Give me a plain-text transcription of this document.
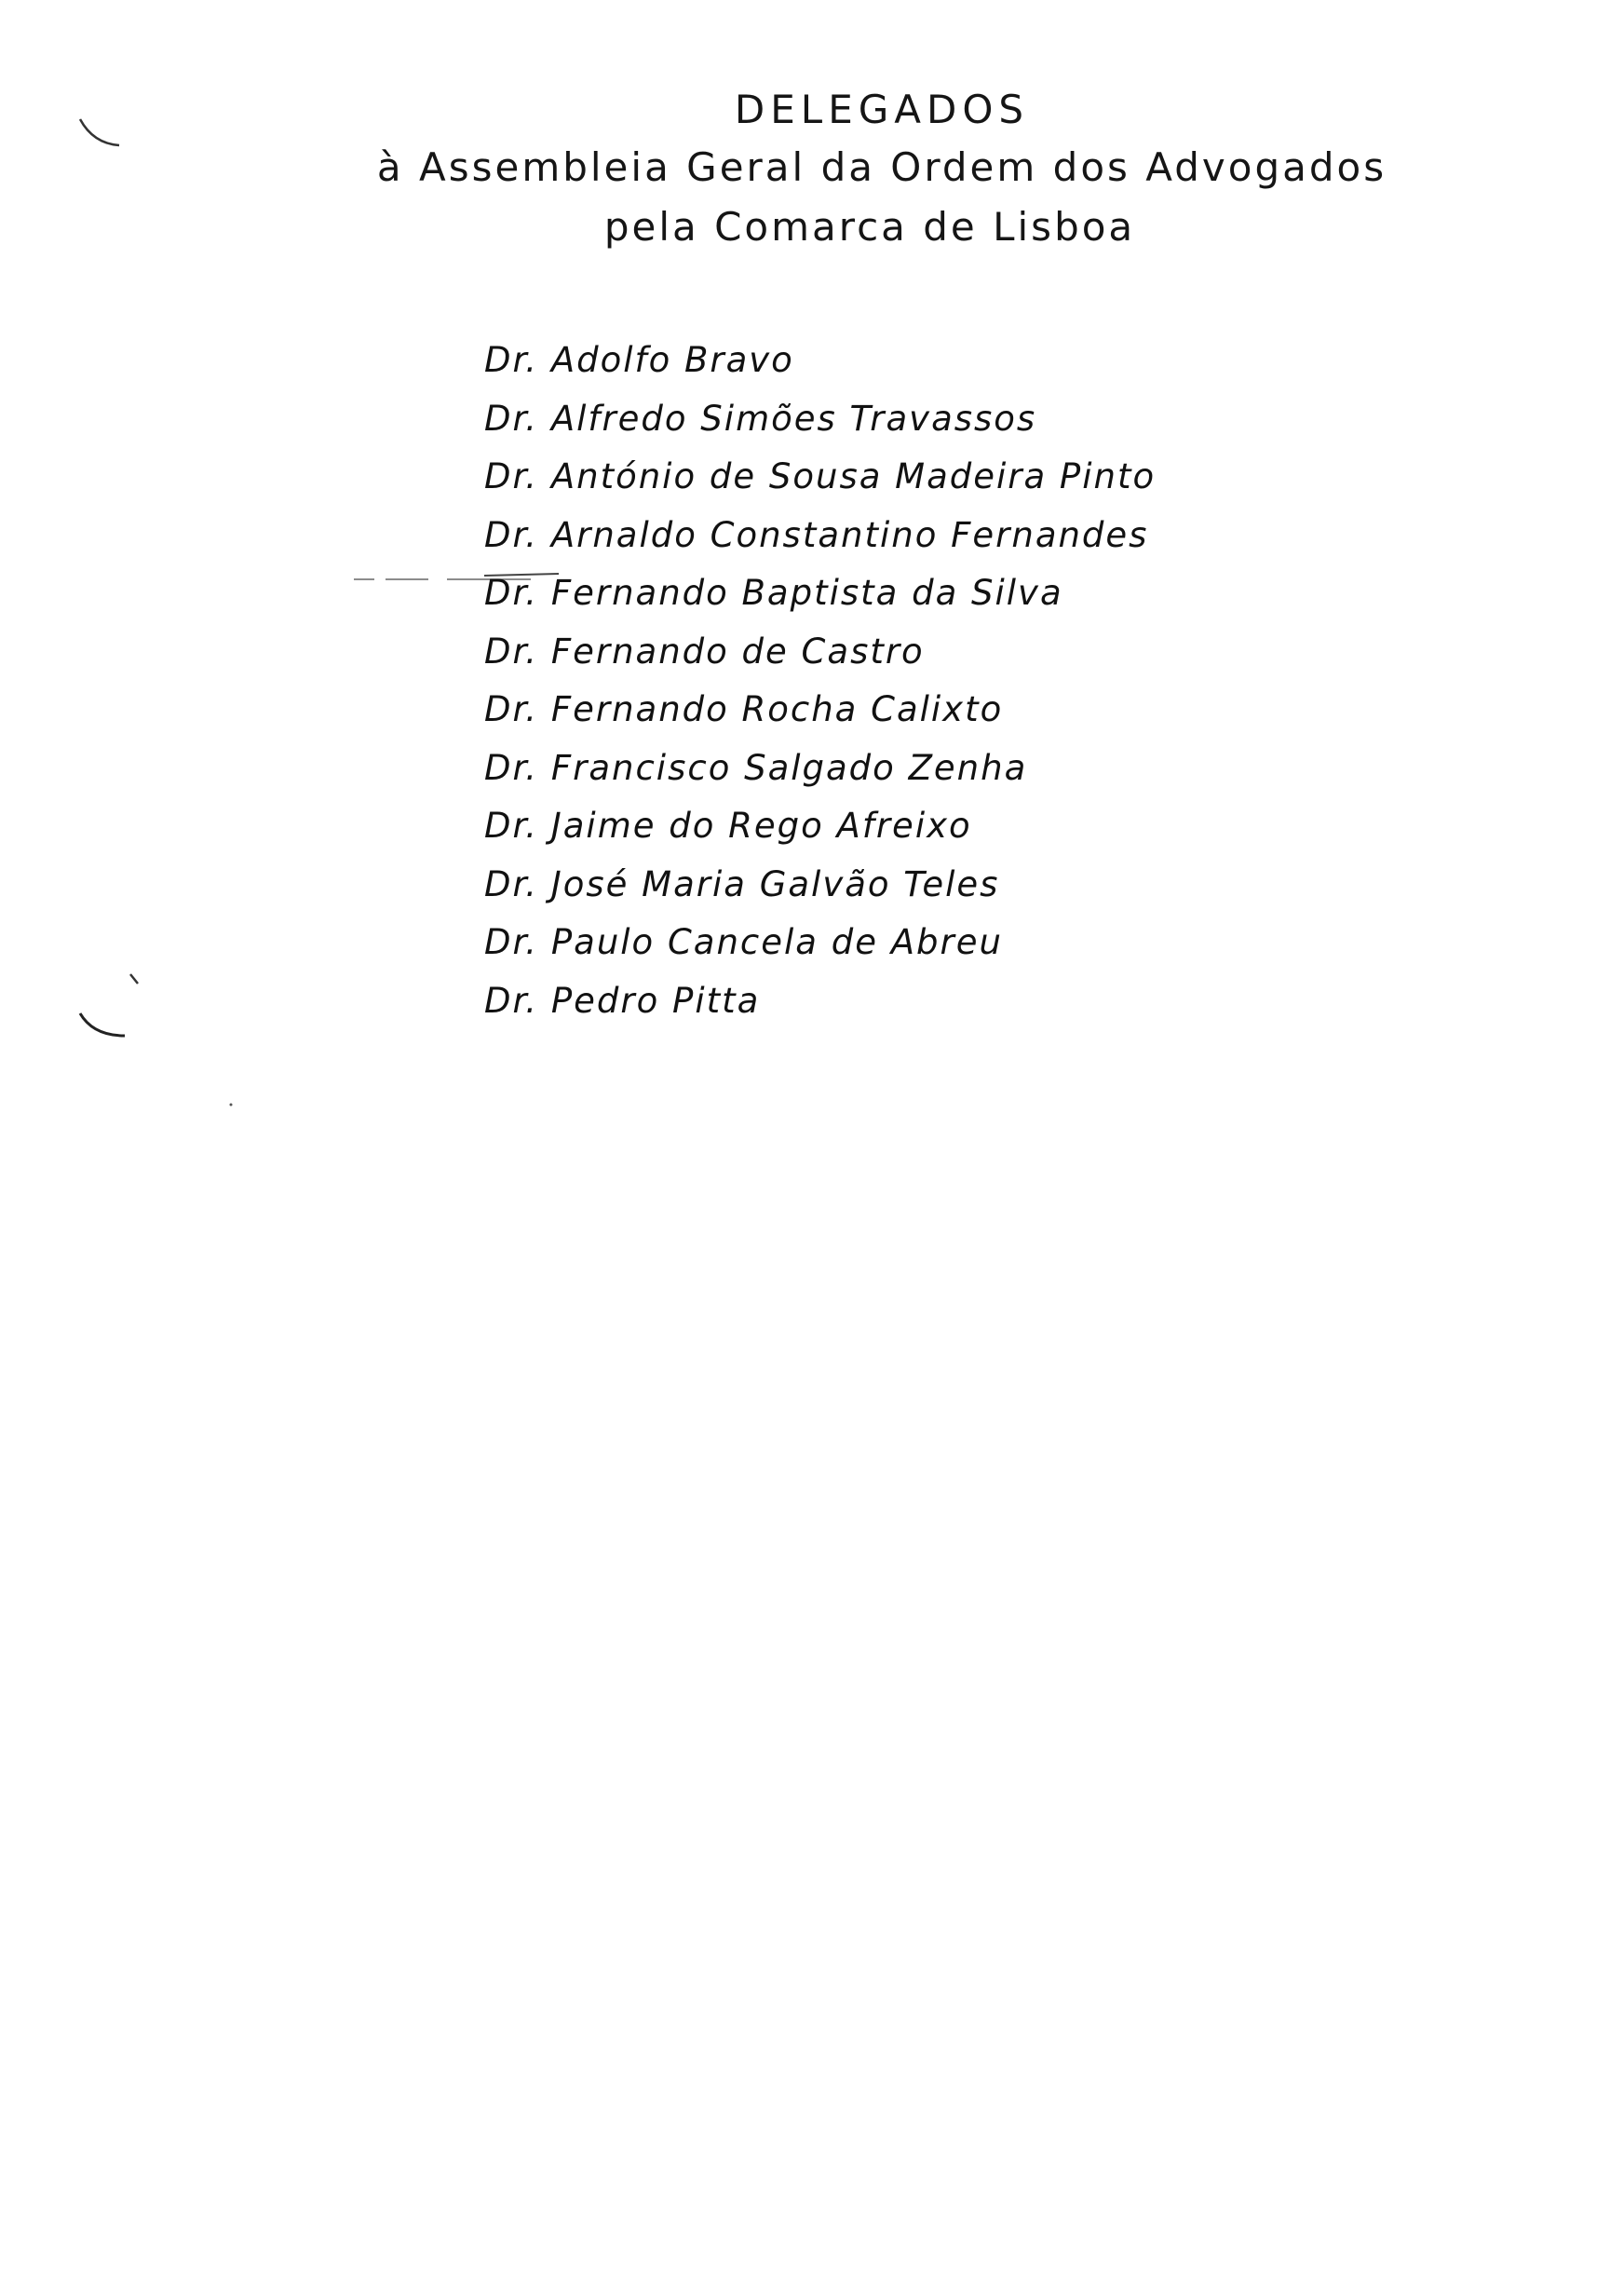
DELEGADOS
à Assembleia Geral da Ordem dos Advogados
pela Comarca de Lisboa
Dr. Adolfo Bravo
Dr. Alfredo Simões Travassos
Dr. António de Sousa Madeira Pinto
Dr. Arnaldo Constantino Fernandes
Dr. Fernando Baptista da Silva
Dr. Fernando de Castro
Dr. Fernando Rocha Calixto
Dr. Francisco Salgado Zenha
Dr. Jaime do Rego Afreixo
Dr. José Maria Galvão Teles
Dr. Paulo Cancela de Abreu
Dr. Pedro Pitta
